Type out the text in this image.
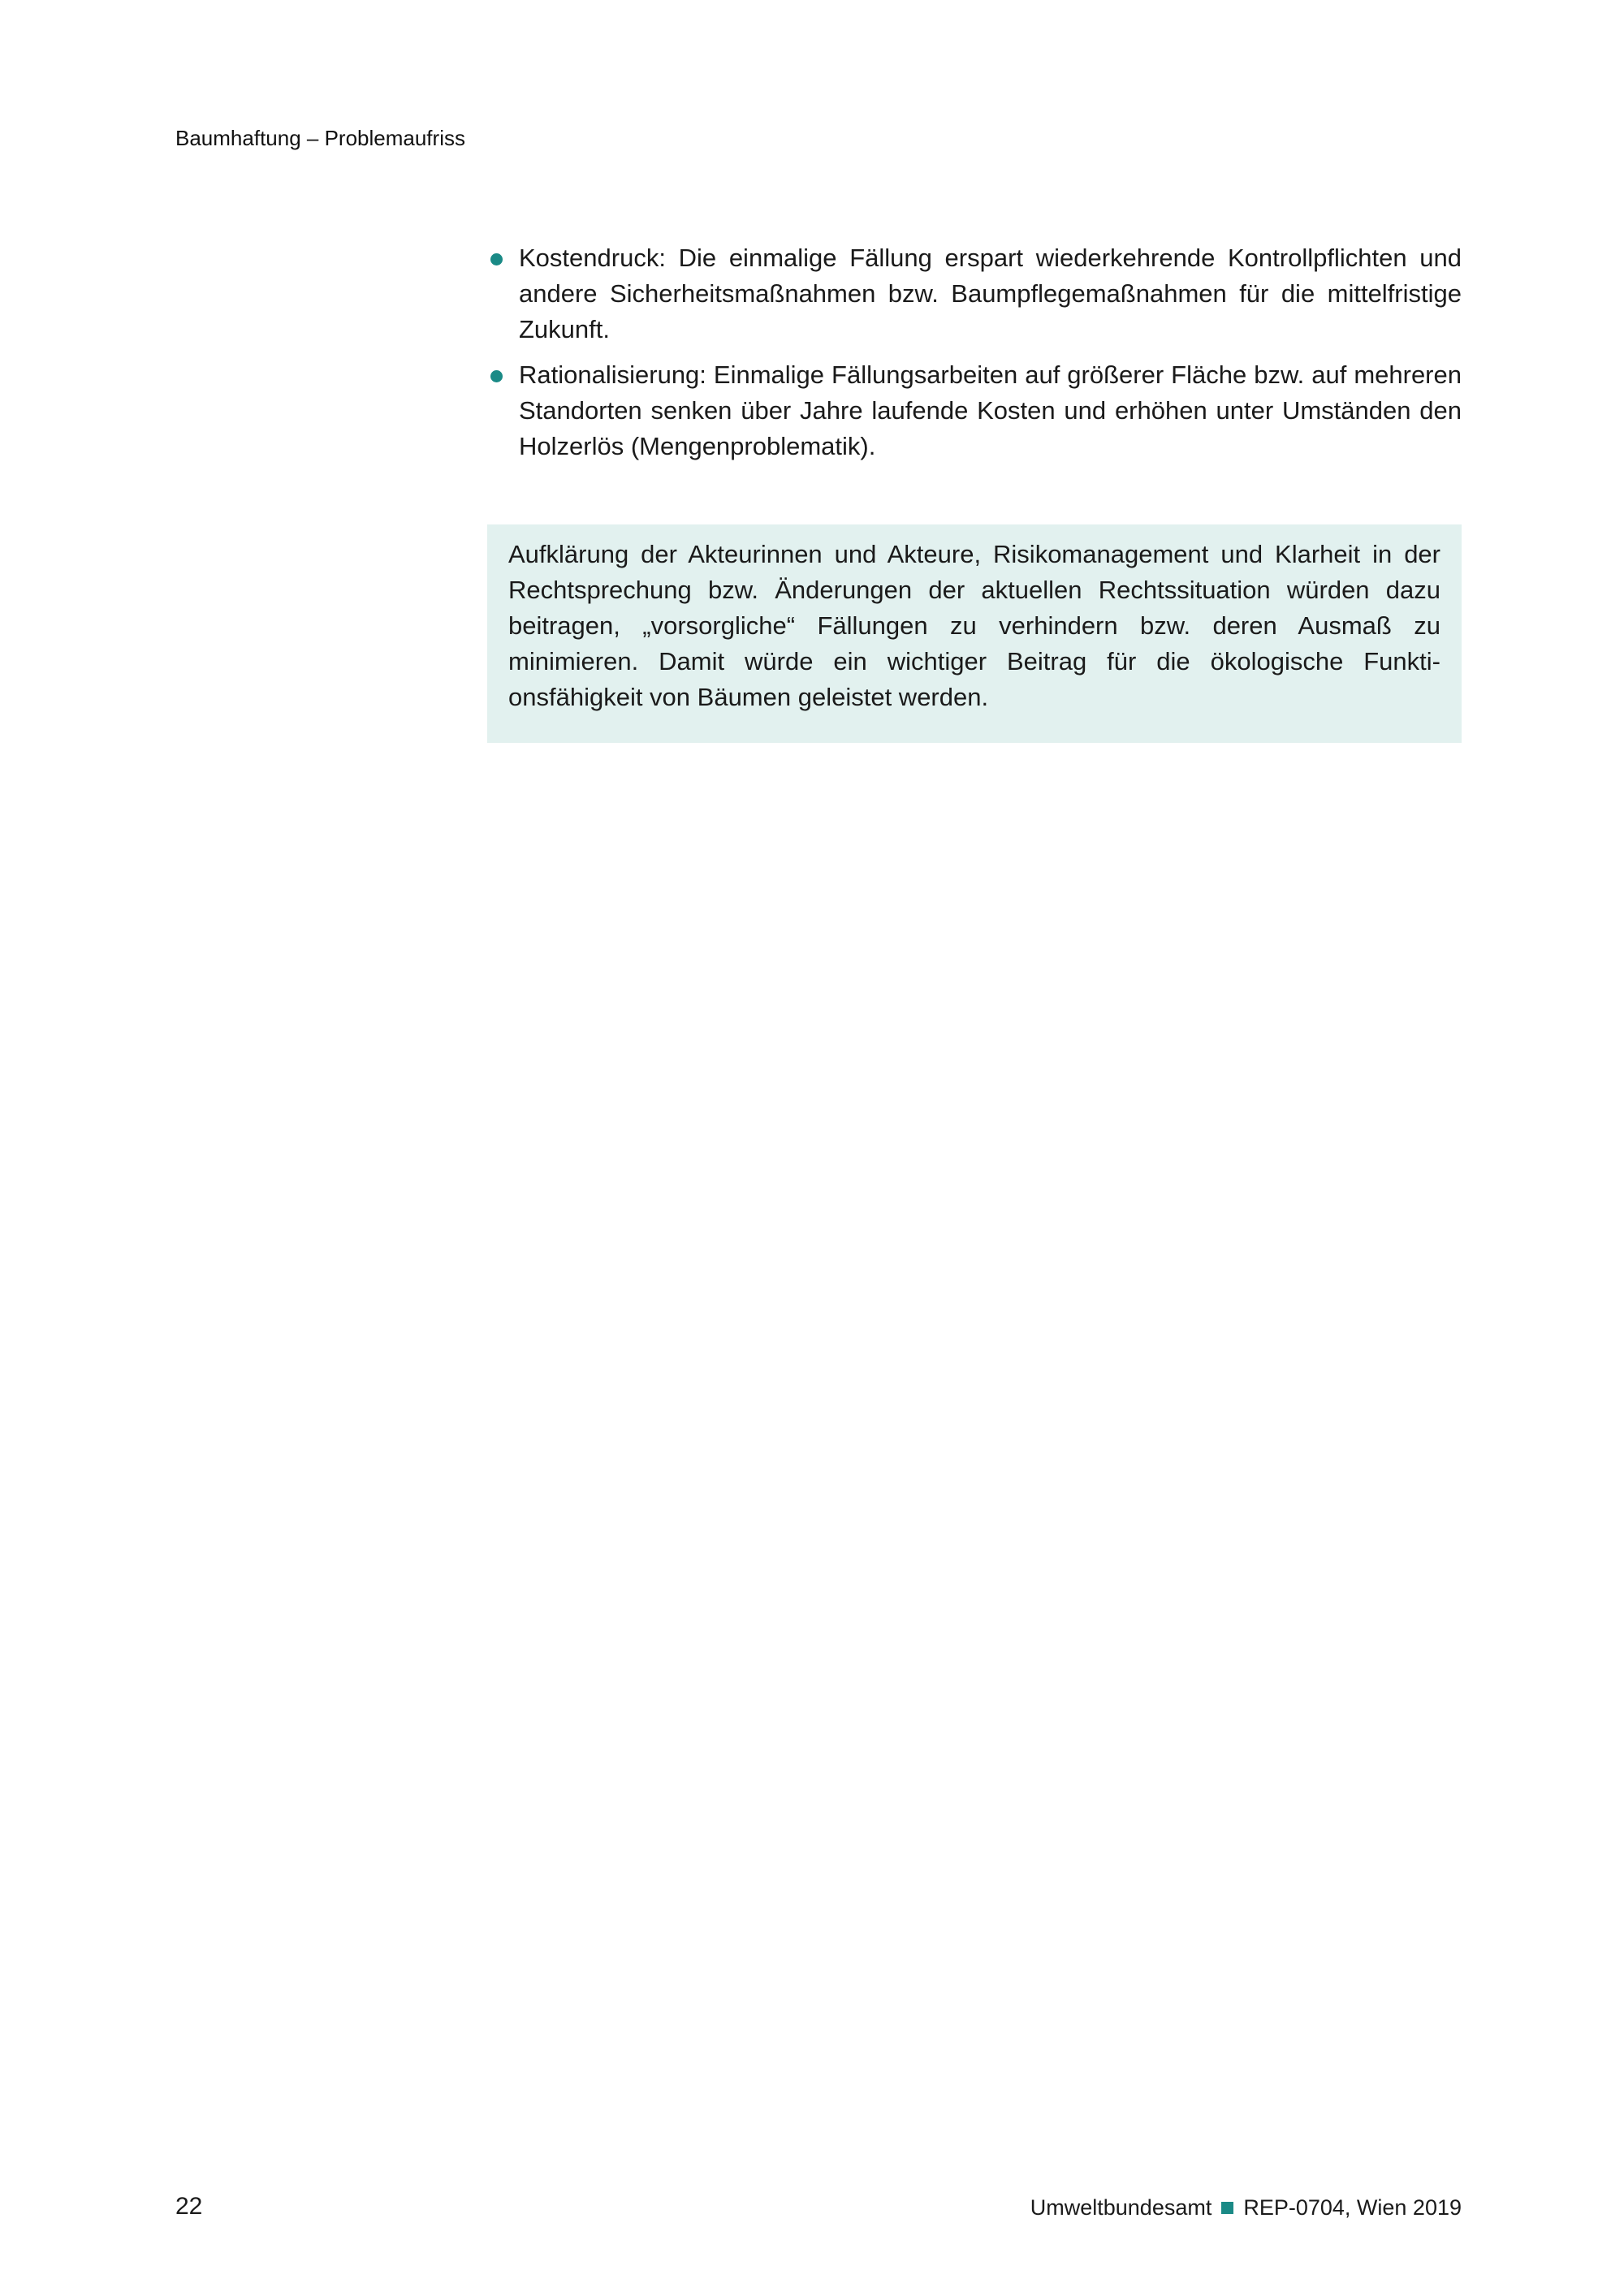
Baumhaftung – Problemaufriss
Kostendruck: Die einmalige Fällung erspart wiederkehrende Kontrollpflichten und andere Sicherheitsmaßnahmen bzw. Baumpflegemaßnahmen für die mittelfristige Zukunft.
Rationalisierung: Einmalige Fällungsarbeiten auf größerer Fläche bzw. auf mehreren Standorten senken über Jahre laufende Kosten und erhöhen unter Umständen den Holzerlös (Mengenproblematik).

Aufklärung der Akteurinnen und Akteure, Risikomanagement und Klarheit in der Rechtsprechung bzw. Änderungen der aktuellen Rechtssituation würden dazu beitragen, „vorsorgliche“ Fällungen zu verhindern bzw. deren Ausmaß zu minimieren. Damit würde ein wichtiger Beitrag für die ökologische Funkti-onsfähigkeit von Bäumen geleistet werden.

22	Umweltbundesamt REP-0704, Wien 2019
